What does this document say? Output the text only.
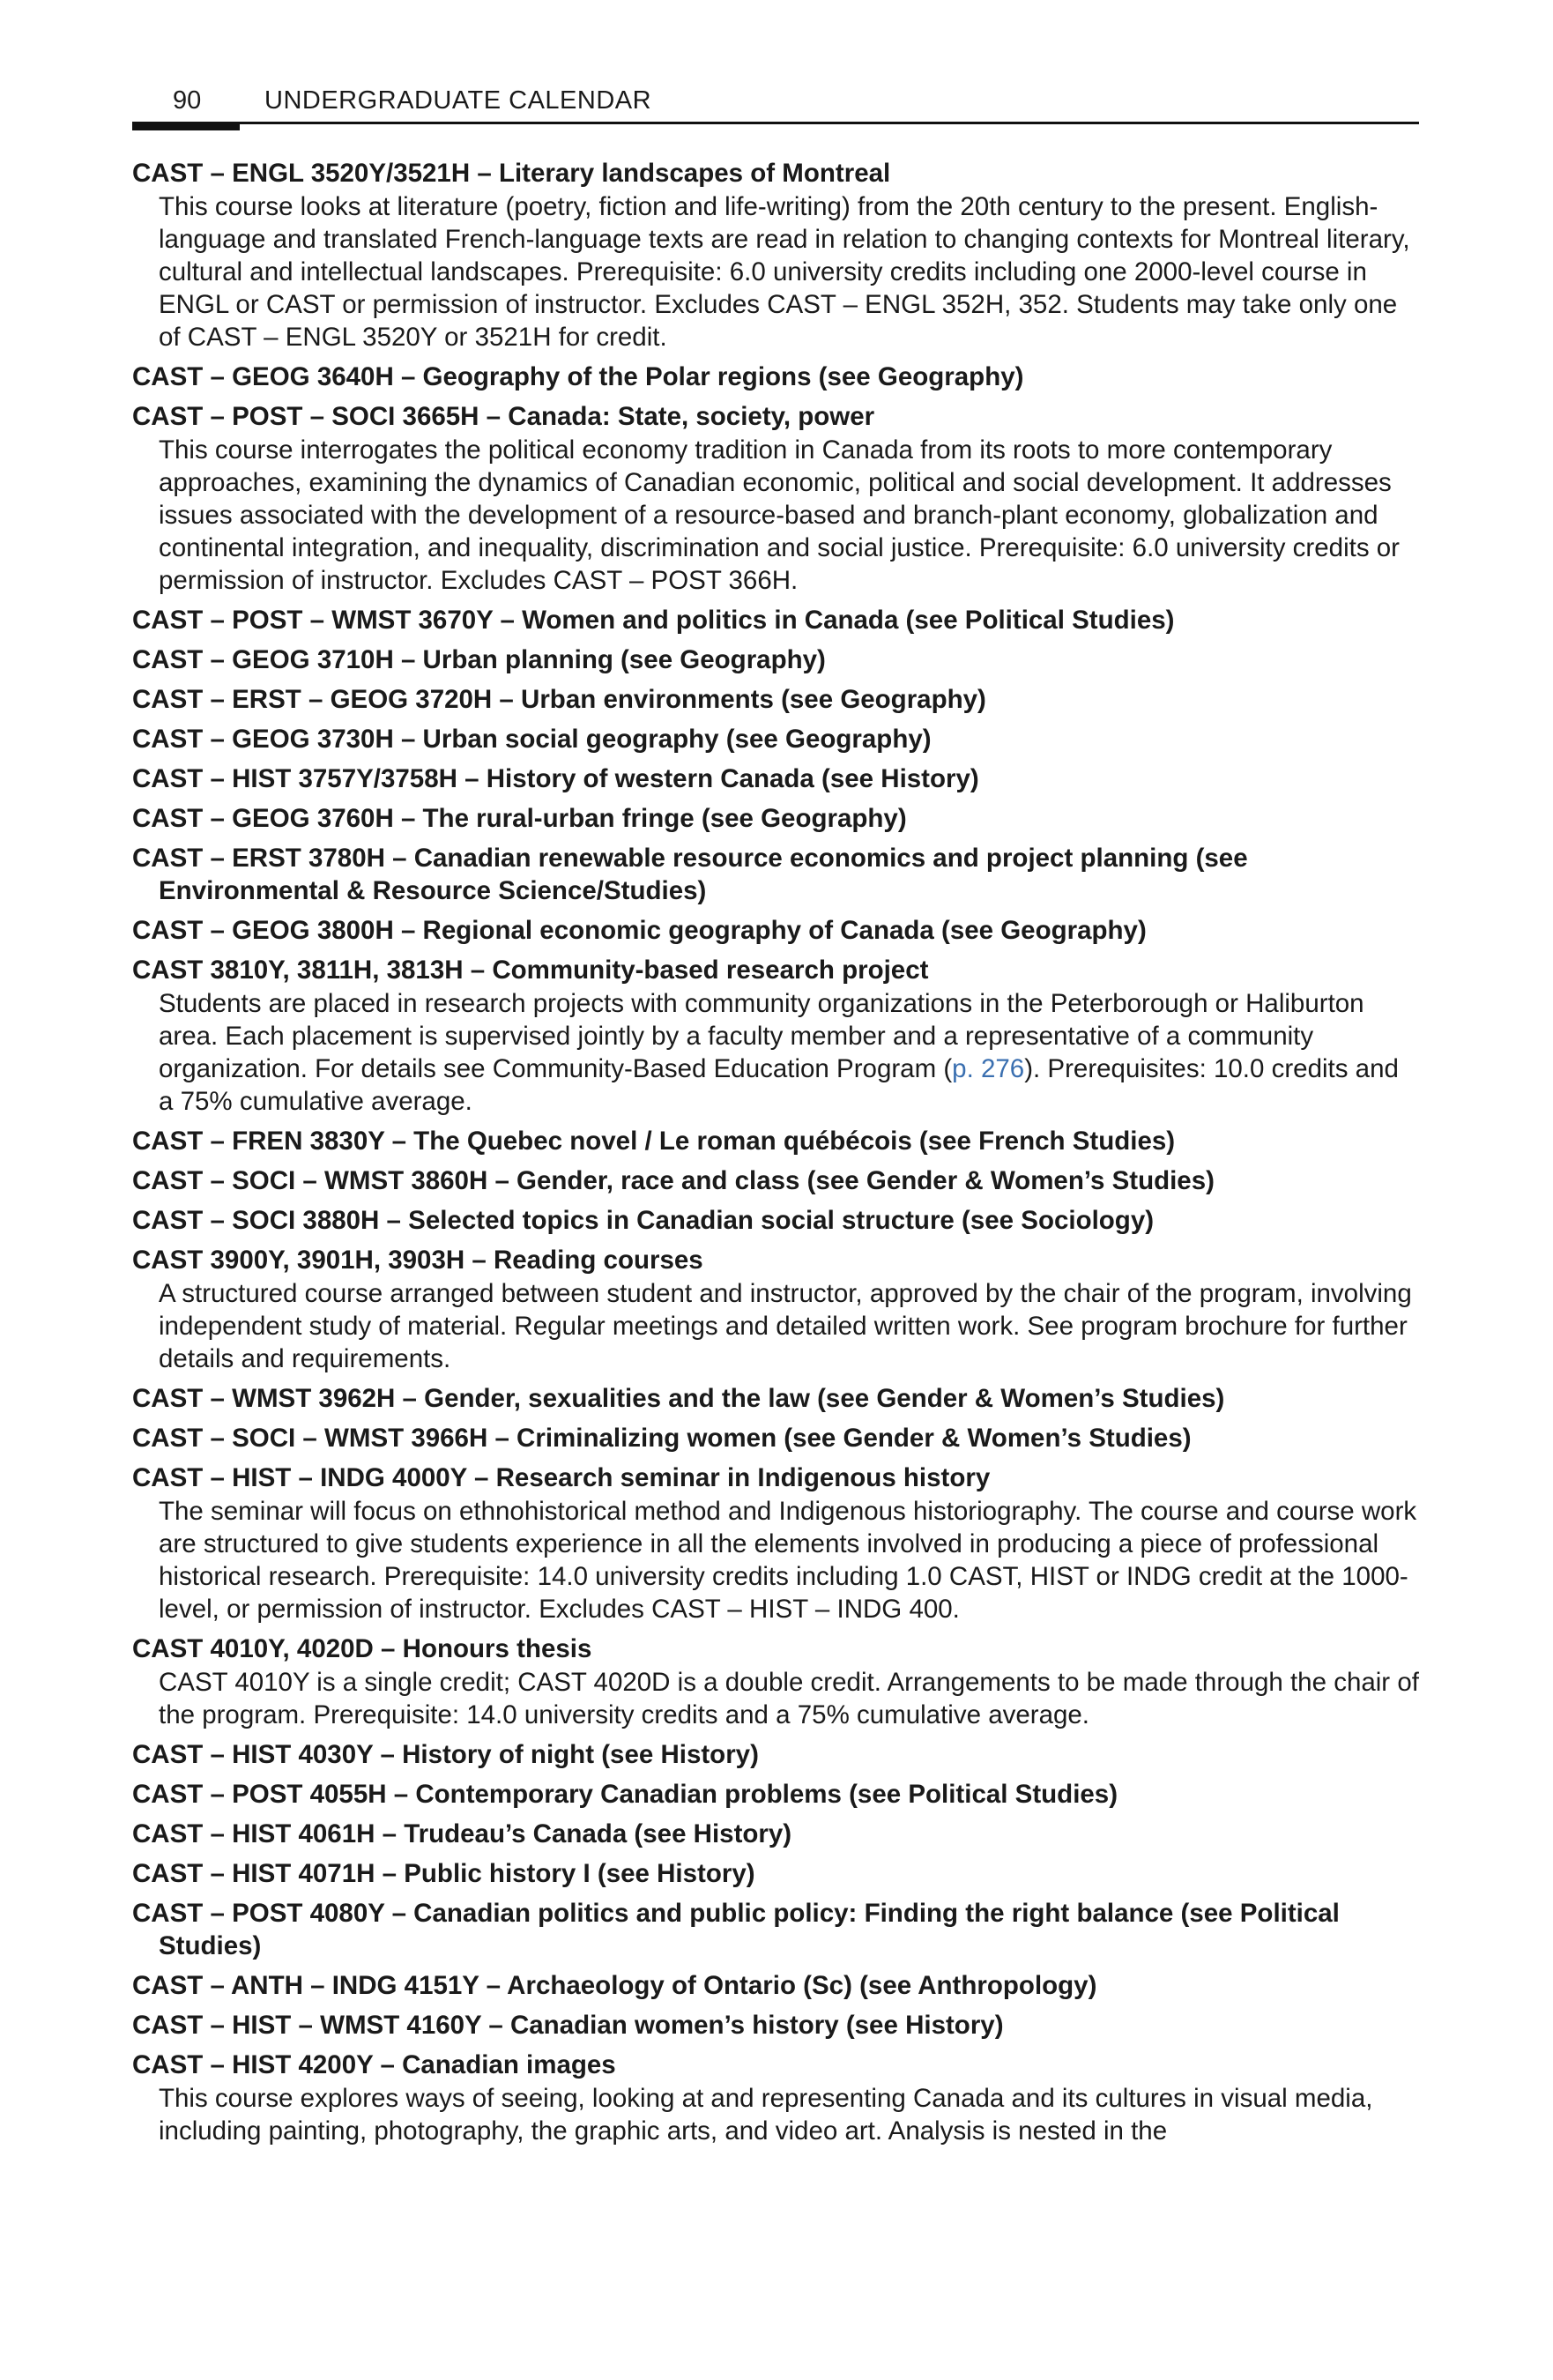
90 UNDERGRADUATE CALENDAR
CAST – ENGL 3520Y/3521H – Literary landscapes of Montreal
This course looks at literature (poetry, fiction and life-writing) from the 20th century to the present. English-language and translated French-language texts are read in relation to changing contexts for Montreal literary, cultural and intellectual landscapes. Prerequisite: 6.0 university credits including one 2000-level course in ENGL or CAST or permission of instructor. Excludes CAST – ENGL 352H, 352. Students may take only one of CAST – ENGL 3520Y or 3521H for credit.
CAST – GEOG 3640H – Geography of the Polar regions (see Geography)
CAST – POST – SOCI 3665H – Canada: State, society, power
This course interrogates the political economy tradition in Canada from its roots to more contemporary approaches, examining the dynamics of Canadian economic, political and social development. It addresses issues associated with the development of a resource-based and branch-plant economy, globalization and continental integration, and inequality, discrimination and social justice. Prerequisite: 6.0 university credits or permission of instructor. Excludes CAST – POST 366H.
CAST – POST – WMST 3670Y – Women and politics in Canada (see Political Studies)
CAST – GEOG 3710H – Urban planning (see Geography)
CAST – ERST – GEOG 3720H – Urban environments (see Geography)
CAST – GEOG 3730H – Urban social geography (see Geography)
CAST – HIST 3757Y/3758H – History of western Canada (see History)
CAST – GEOG 3760H – The rural-urban fringe (see Geography)
CAST – ERST 3780H – Canadian renewable resource economics and project planning (see Environmental & Resource Science/Studies)
CAST – GEOG 3800H – Regional economic geography of Canada (see Geography)
CAST 3810Y, 3811H, 3813H – Community-based research project
Students are placed in research projects with community organizations in the Peterborough or Haliburton area. Each placement is supervised jointly by a faculty member and a representative of a community organization. For details see Community-Based Education Program (p. 276). Prerequisites: 10.0 credits and a 75% cumulative average.
CAST – FREN 3830Y – The Quebec novel / Le roman québécois (see French Studies)
CAST – SOCI – WMST 3860H – Gender, race and class (see Gender & Women’s Studies)
CAST – SOCI 3880H – Selected topics in Canadian social structure (see Sociology)
CAST 3900Y, 3901H, 3903H – Reading courses
A structured course arranged between student and instructor, approved by the chair of the program, involving independent study of material. Regular meetings and detailed written work. See program brochure for further details and requirements.
CAST – WMST 3962H – Gender, sexualities and the law (see Gender & Women’s Studies)
CAST – SOCI – WMST 3966H – Criminalizing women (see Gender & Women’s Studies)
CAST – HIST – INDG 4000Y – Research seminar in Indigenous history
The seminar will focus on ethnohistorical method and Indigenous historiography. The course and course work are structured to give students experience in all the elements involved in producing a piece of professional historical research. Prerequisite: 14.0 university credits including 1.0 CAST, HIST or INDG credit at the 1000-level, or permission of instructor. Excludes CAST – HIST – INDG 400.
CAST 4010Y, 4020D – Honours thesis
CAST 4010Y is a single credit; CAST 4020D is a double credit. Arrangements to be made through the chair of the program. Prerequisite: 14.0 university credits and a 75% cumulative average.
CAST – HIST 4030Y – History of night (see History)
CAST – POST 4055H – Contemporary Canadian problems (see Political Studies)
CAST – HIST 4061H – Trudeau’s Canada (see History)
CAST – HIST 4071H – Public history I (see History)
CAST – POST 4080Y – Canadian politics and public policy: Finding the right balance (see Political Studies)
CAST – ANTH – INDG 4151Y – Archaeology of Ontario (Sc) (see Anthropology)
CAST – HIST – WMST 4160Y – Canadian women’s history (see History)
CAST – HIST 4200Y – Canadian images
This course explores ways of seeing, looking at and representing Canada and its cultures in visual media, including painting, photography, the graphic arts, and video art. Analysis is nested in the
